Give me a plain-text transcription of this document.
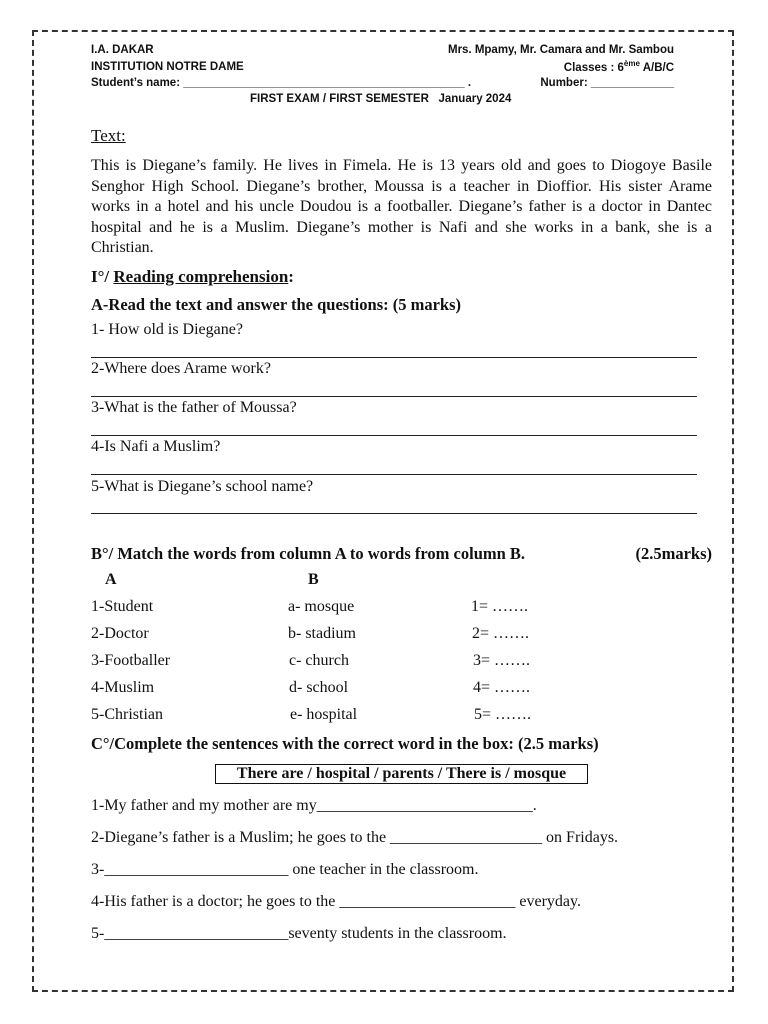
I.A. DAKAR	Mrs. Mpamy, Mr. Camara and Mr. Sambou
INSTITUTION NOTRE DAME	Classes : 6ème A/B/C
Student’s name: ____________________________________________ .	Number: _____________
FIRST EXAM / FIRST SEMESTER   January 2024
Text:

This is Diegane’s family. He lives in Fimela. He is 13 years old and goes to Diogoye Basile Senghor High School. Diegane’s brother, Moussa is a teacher in Dioffior. His sister Arame works in a hotel and his uncle Doudou is a footballer. Diegane’s father is a doctor in Dantec hospital and he is a Muslim. Diegane’s mother is Nafi and she works in a bank, she is a Christian.

I°/ Reading comprehension:
A-Read the text and answer the questions: (5 marks)
1- How old is Diegane?
2-Where does Arame work?
3-What is the father of Moussa?
4-Is Nafi a Muslim?
5-What is Diegane’s school name?
B°/ Match the words from column A to words from column B.	(2.5marks)
A	B
1-Student	a- mosque	1= …….
2-Doctor	b- stadium	2= …….
3-Footballer	c- church	3= …….
4-Muslim	d- school	4= …….
5-Christian	e- hospital	5= …….
C°/Complete the sentences with the correct word in the box: (2.5 marks)
There are / hospital / parents / There is / mosque
1-My father and my mother are my___________________________.
2-Diegane’s father is a Muslim; he goes to the ___________________ on Fridays.
3-_______________________ one teacher in the classroom.
4-His father is a doctor; he goes to the ______________________ everyday.
5-_______________________seventy students in the classroom.
